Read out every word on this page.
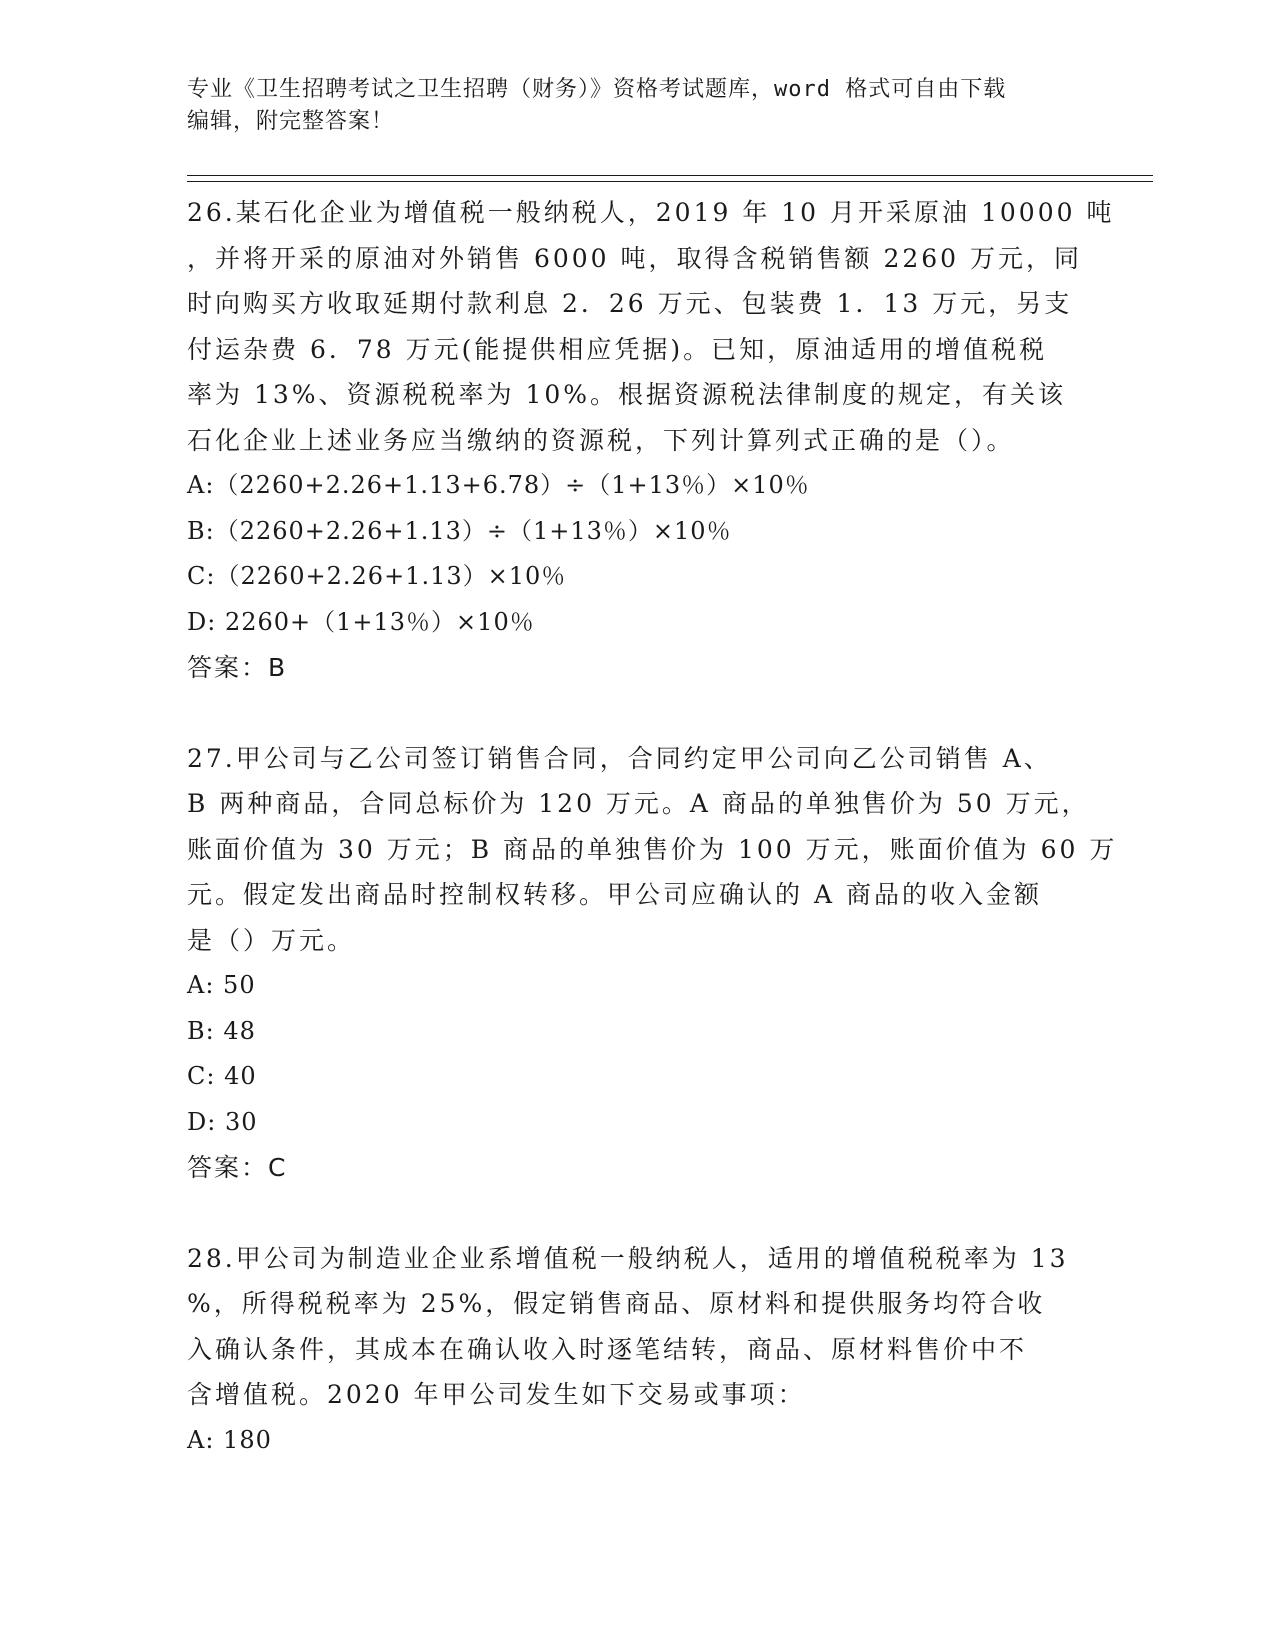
专业《卫生招聘考试之卫生招聘（财务）》资格考试题库，word 格式可自由下载
编辑，附完整答案！
26.某石化企业为增值税一般纳税人，2019 年 10 月开采原油 10000 吨
，并将开采的原油对外销售 6000 吨，取得含税销售额 2260 万元，同
时向购买方收取延期付款利息 2．26 万元、包装费 1．13 万元，另支
付运杂费 6．78 万元(能提供相应凭据)。已知，原油适用的增值税税
率为 13%、资源税税率为 10%。根据资源税法律制度的规定，有关该
石化企业上述业务应当缴纳的资源税，下列计算列式正确的是（）。
A:（2260+2.26+1.13+6.78）÷（1+13％）×10％
B:（2260+2.26+1.13）÷（1+13％）×10％
C:（2260+2.26+1.13）×10％
D: 2260+（1+13％）×10％
答案：B
27.甲公司与乙公司签订销售合同，合同约定甲公司向乙公司销售 A、
B 两种商品，合同总标价为 120 万元。A 商品的单独售价为 50 万元，
账面价值为 30 万元；B 商品的单独售价为 100 万元，账面价值为 60 万
元。假定发出商品时控制权转移。甲公司应确认的 A 商品的收入金额
是（）万元。
A: 50
B: 48
C: 40
D: 30
答案：C
28.甲公司为制造业企业系增值税一般纳税人，适用的增值税税率为 13
%，所得税税率为 25%，假定销售商品、原材料和提供服务均符合收
入确认条件，其成本在确认收入时逐笔结转，商品、原材料售价中不
含增值税。2020 年甲公司发生如下交易或事项：
A: 180
